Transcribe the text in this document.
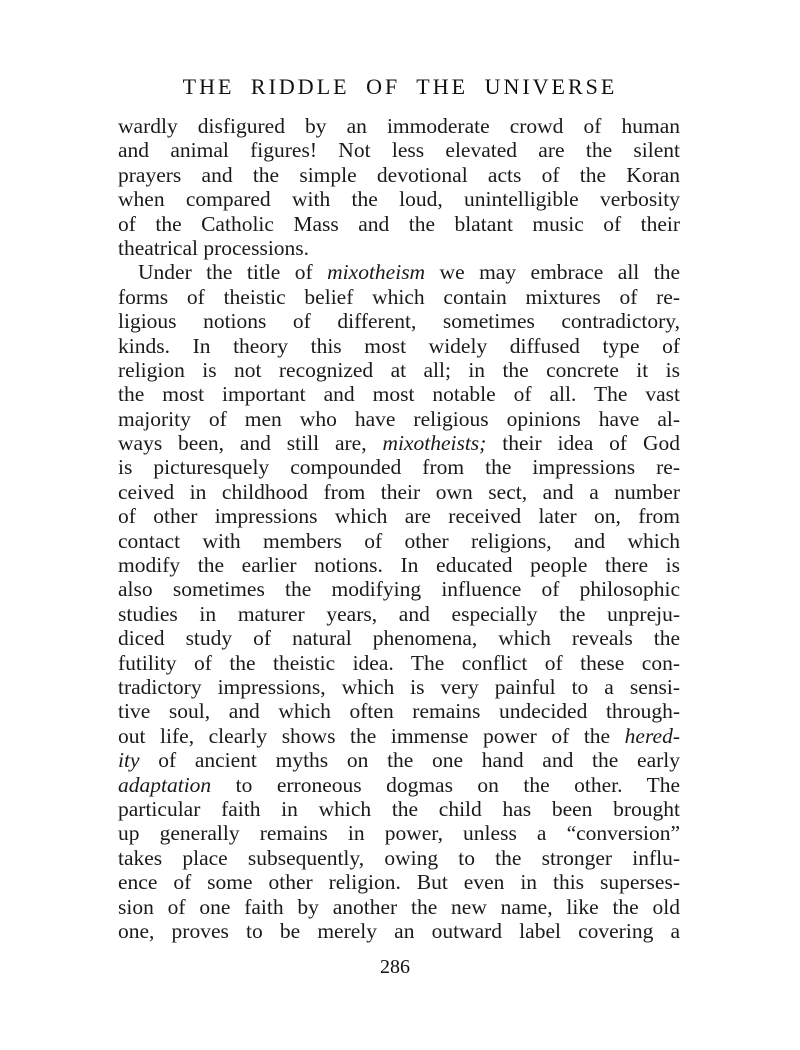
THE RIDDLE OF THE UNIVERSE
wardly disfigured by an immoderate crowd of human
and animal figures! Not less elevated are the silent
prayers and the simple devotional acts of the Koran
when compared with the loud, unintelligible verbosity
of the Catholic Mass and the blatant music of their
theatrical processions.
Under the title of mixotheism we may embrace all the
forms of theistic belief which contain mixtures of re-
ligious notions of different, sometimes contradictory,
kinds. In theory this most widely diffused type of
religion is not recognized at all; in the concrete it is
the most important and most notable of all. The vast
majority of men who have religious opinions have al-
ways been, and still are, mixotheists; their idea of God
is picturesquely compounded from the impressions re-
ceived in childhood from their own sect, and a number
of other impressions which are received later on, from
contact with members of other religions, and which
modify the earlier notions. In educated people there is
also sometimes the modifying influence of philosophic
studies in maturer years, and especially the unpreju-
diced study of natural phenomena, which reveals the
futility of the theistic idea. The conflict of these con-
tradictory impressions, which is very painful to a sensi-
tive soul, and which often remains undecided through-
out life, clearly shows the immense power of the hered-
ity of ancient myths on the one hand and the early
adaptation to erroneous dogmas on the other. The
particular faith in which the child has been brought
up generally remains in power, unless a “conversion”
takes place subsequently, owing to the stronger influ-
ence of some other religion. But even in this superses-
sion of one faith by another the new name, like the old
one, proves to be merely an outward label covering a
286
